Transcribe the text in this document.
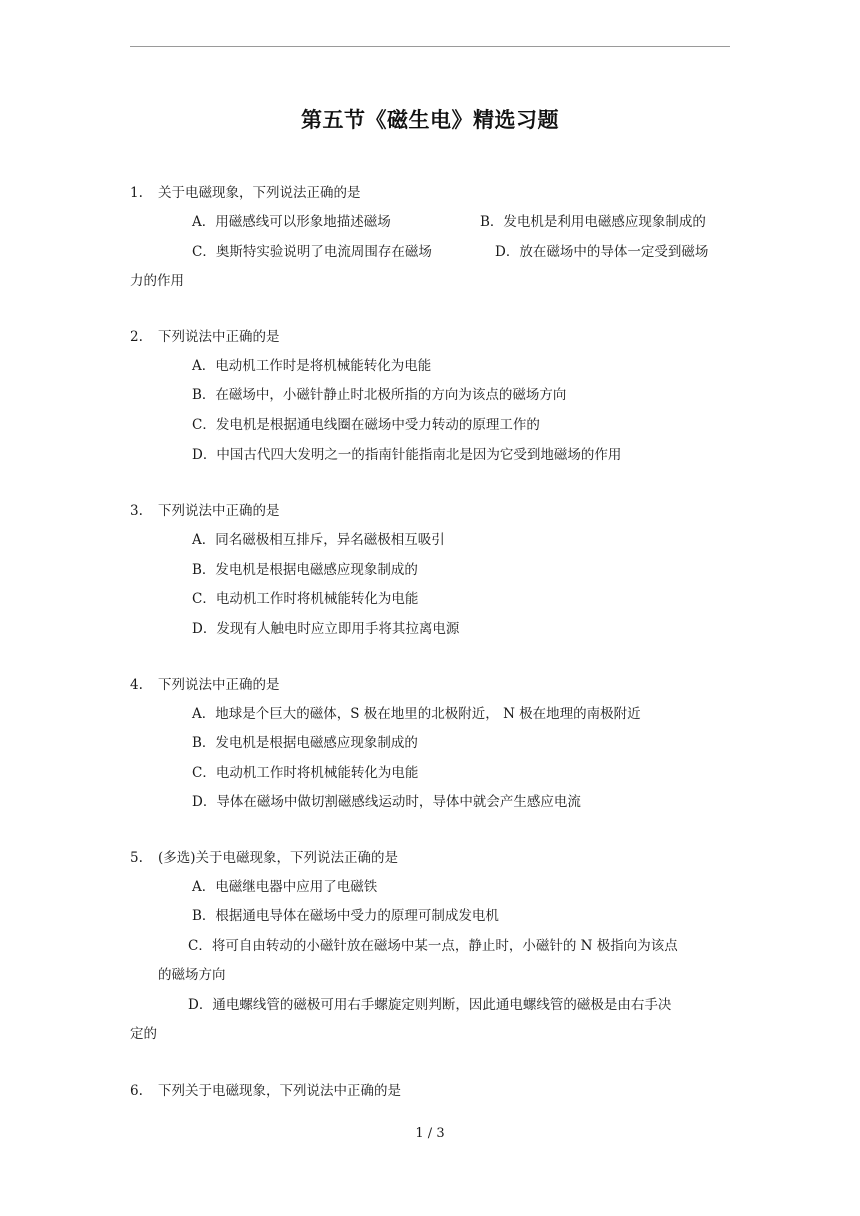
第五节《磁生电》精选习题
1. 关于电磁现象，下列说法正确的是
A．用磁感线可以形象地描述磁场	B．发电机是利用电磁感应现象制成的
C．奥斯特实验说明了电流周围存在磁场	D．放在磁场中的导体一定受到磁场
力的作用
2. 下列说法中正确的是
A．电动机工作时是将机械能转化为电能
B．在磁场中，小磁针静止时北极所指的方向为该点的磁场方向
C．发电机是根据通电线圈在磁场中受力转动的原理工作的
D．中国古代四大发明之一的指南针能指南北是因为它受到地磁场的作用
3. 下列说法中正确的是
A．同名磁极相互排斥，异名磁极相互吸引
B．发电机是根据电磁感应现象制成的
C．电动机工作时将机械能转化为电能
D．发现有人触电时应立即用手将其拉离电源
4. 下列说法中正确的是
A．地球是个巨大的磁体，S 极在地里的北极附近， N 极在地理的南极附近
B．发电机是根据电磁感应现象制成的
C．电动机工作时将机械能转化为电能
D．导体在磁场中做切割磁感线运动时，导体中就会产生感应电流
5. (多选)关于电磁现象，下列说法正确的是
A．电磁继电器中应用了电磁铁
B．根据通电导体在磁场中受力的原理可制成发电机
C．将可自由转动的小磁针放在磁场中某一点，静止时，小磁针的 N 极指向为该点
的磁场方向
D．通电螺线管的磁极可用右手螺旋定则判断，因此通电螺线管的磁极是由右手决
定的
6. 下列关于电磁现象，下列说法中正确的是
1 / 3
